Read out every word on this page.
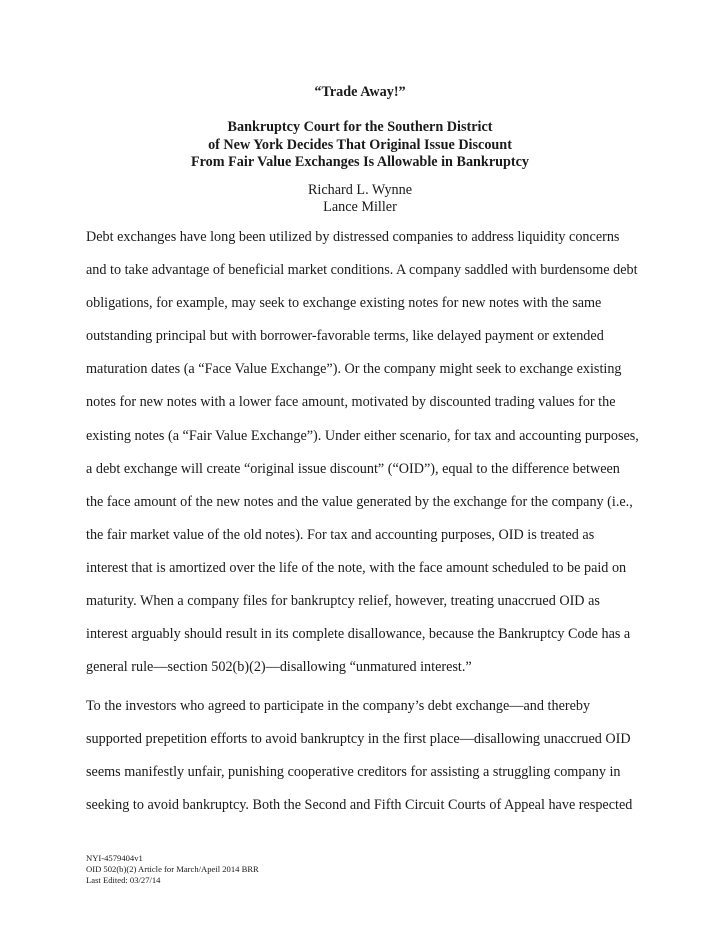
“Trade Away!”
Bankruptcy Court for the Southern District
of New York Decides That Original Issue Discount
From Fair Value Exchanges Is Allowable in Bankruptcy
Richard L. Wynne
Lance Miller
Debt exchanges have long been utilized by distressed companies to address liquidity concerns
and to take advantage of beneficial market conditions. A company saddled with burdensome debt
obligations, for example, may seek to exchange existing notes for new notes with the same
outstanding principal but with borrower-favorable terms, like delayed payment or extended
maturation dates (a “Face Value Exchange”). Or the company might seek to exchange existing
notes for new notes with a lower face amount, motivated by discounted trading values for the
existing notes (a “Fair Value Exchange”). Under either scenario, for tax and accounting purposes,
a debt exchange will create “original issue discount” (“OID”), equal to the difference between
the face amount of the new notes and the value generated by the exchange for the company (i.e.,
the fair market value of the old notes). For tax and accounting purposes, OID is treated as
interest that is amortized over the life of the note, with the face amount scheduled to be paid on
maturity. When a company files for bankruptcy relief, however, treating unaccrued OID as
interest arguably should result in its complete disallowance, because the Bankruptcy Code has a
general rule—section 502(b)(2)—disallowing “unmatured interest.”
To the investors who agreed to participate in the company’s debt exchange—and thereby
supported prepetition efforts to avoid bankruptcy in the first place—disallowing unaccrued OID
seems manifestly unfair, punishing cooperative creditors for assisting a struggling company in
seeking to avoid bankruptcy. Both the Second and Fifth Circuit Courts of Appeal have respected
NYI-4579404v1
OID 502(b)(2) Article for March/Apeil 2014 BRR
Last Edited: 03/27/14
